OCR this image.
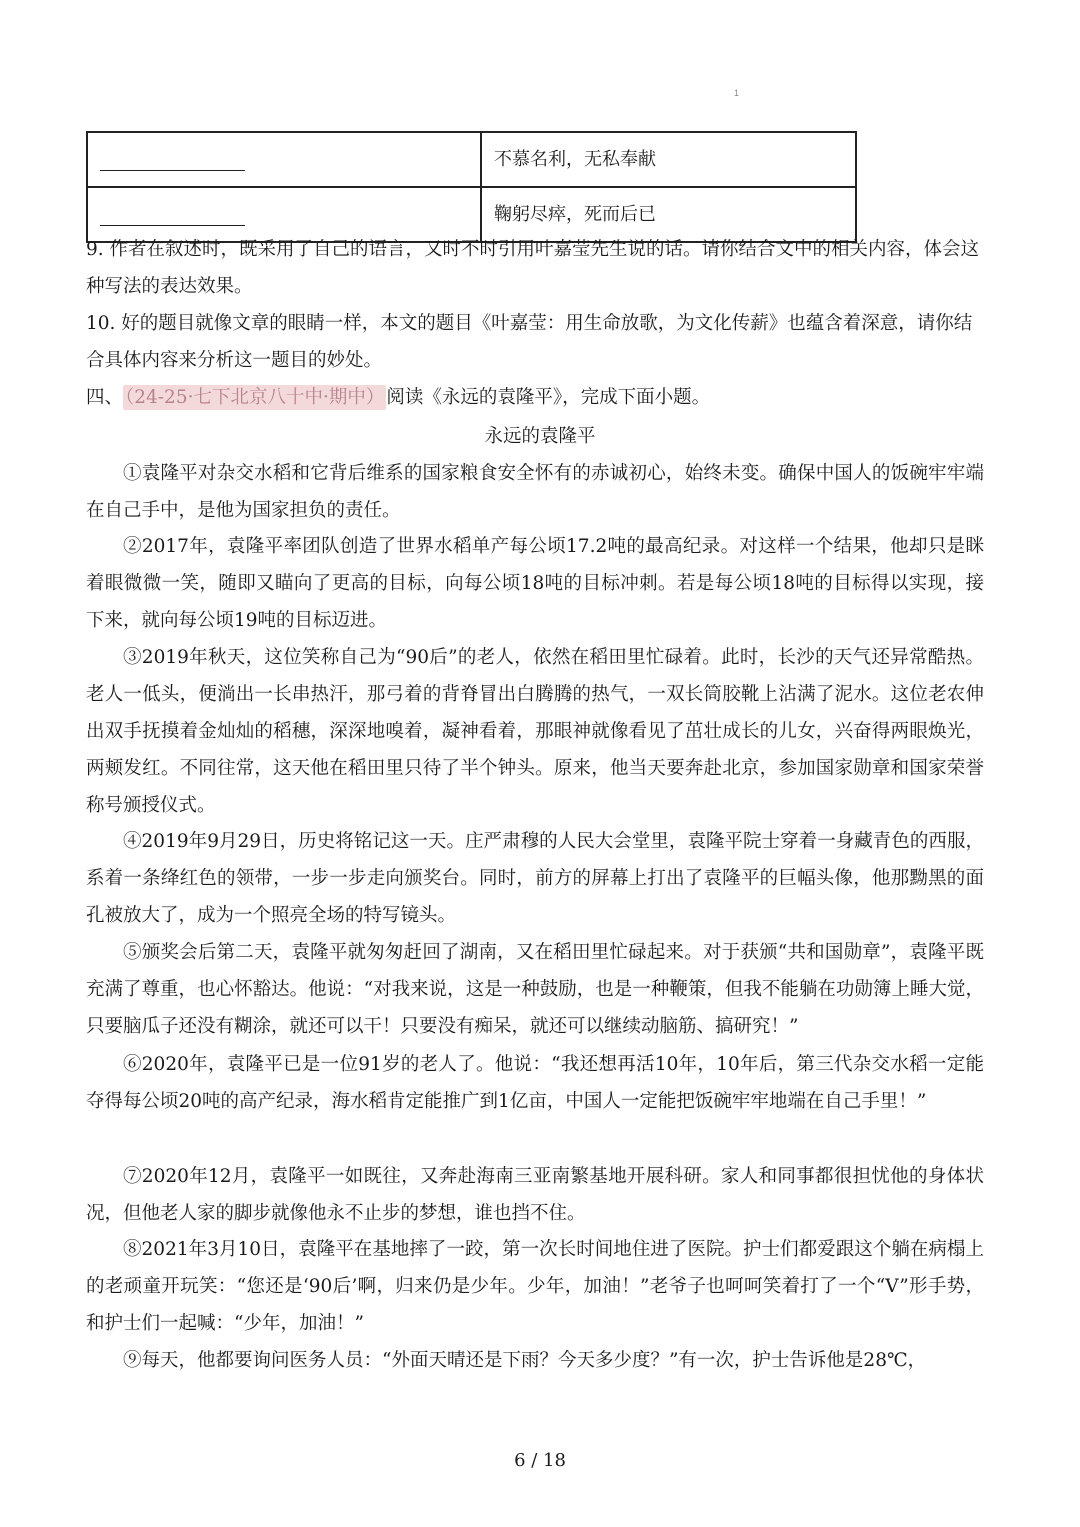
1
	不慕名利，无私奉献
	鞠躬尽瘁，死而后已
9. 作者在叙述时，既采用了自己的语言，又时不时引用叶嘉莹先生说的话。请你结合文中的相关内容，体会这种写法的表达效果。
10. 好的题目就像文章的眼睛一样，本文的题目《叶嘉莹：用生命放歌，为文化传薪》也蕴含着深意，请你结合具体内容来分析这一题目的妙处。
四、 （24-25·七下北京八十中·期中） 阅读《永远的袁隆平》，完成下面小题。
永远的袁隆平
①袁隆平对杂交水稻和它背后维系的国家粮食安全怀有的赤诚初心，始终未变。确保中国人的饭碗牢牢端在自己手中，是他为国家担负的责任。
②2017年，袁隆平率团队创造了世界水稻单产每公顷17.2吨的最高纪录。对这样一个结果，他却只是眯着眼微微一笑，随即又瞄向了更高的目标，向每公顷18吨的目标冲刺。若是每公顷18吨的目标得以实现，接下来，就向每公顷19吨的目标迈进。
③2019年秋天，这位笑称自己为“90后”的老人，依然在稻田里忙碌着。此时，长沙的天气还异常酷热。老人一低头，便淌出一长串热汗，那弓着的背脊冒出白腾腾的热气，一双长筒胶靴上沾满了泥水。这位老农伸出双手抚摸着金灿灿的稻穗，深深地嗅着，凝神看着，那眼神就像看见了茁壮成长的儿女，兴奋得两眼焕光，两颊发红。不同往常，这天他在稻田里只待了半个钟头。原来，他当天要奔赴北京，参加国家勋章和国家荣誉称号颁授仪式。
④2019年9月29日，历史将铭记这一天。庄严肃穆的人民大会堂里，袁隆平院士穿着一身藏青色的西服，系着一条绛红色的领带，一步一步走向颁奖台。同时，前方的屏幕上打出了袁隆平的巨幅头像，他那黝黑的面孔被放大了，成为一个照亮全场的特写镜头。
⑤颁奖会后第二天，袁隆平就匆匆赶回了湖南，又在稻田里忙碌起来。对于获颁“共和国勋章”，袁隆平既充满了尊重，也心怀豁达。他说：“对我来说，这是一种鼓励，也是一种鞭策，但我不能躺在功勋簿上睡大觉，只要脑瓜子还没有糊涂，就还可以干！只要没有痴呆，就还可以继续动脑筋、搞研究！”
⑥2020年，袁隆平已是一位91岁的老人了。他说：“我还想再活10年，10年后，第三代杂交水稻一定能夺得每公顷20吨的高产纪录，海水稻肯定能推广到1亿亩，中国人一定能把饭碗牢牢地端在自己手里！”
⑦2020年12月，袁隆平一如既往，又奔赴海南三亚南繁基地开展科研。家人和同事都很担忧他的身体状况，但他老人家的脚步就像他永不止步的梦想，谁也挡不住。
⑧2021年3月10日，袁隆平在基地摔了一跤，第一次长时间地住进了医院。护士们都爱跟这个躺在病榻上的老顽童开玩笑：“您还是‘90后’啊，归来仍是少年。少年，加油！”老爷子也呵呵笑着打了一个“V”形手势，和护士们一起喊：“少年，加油！”
⑨每天，他都要询问医务人员：“外面天晴还是下雨？今天多少度？”有一次，护士告诉他是28℃，
6 / 18
